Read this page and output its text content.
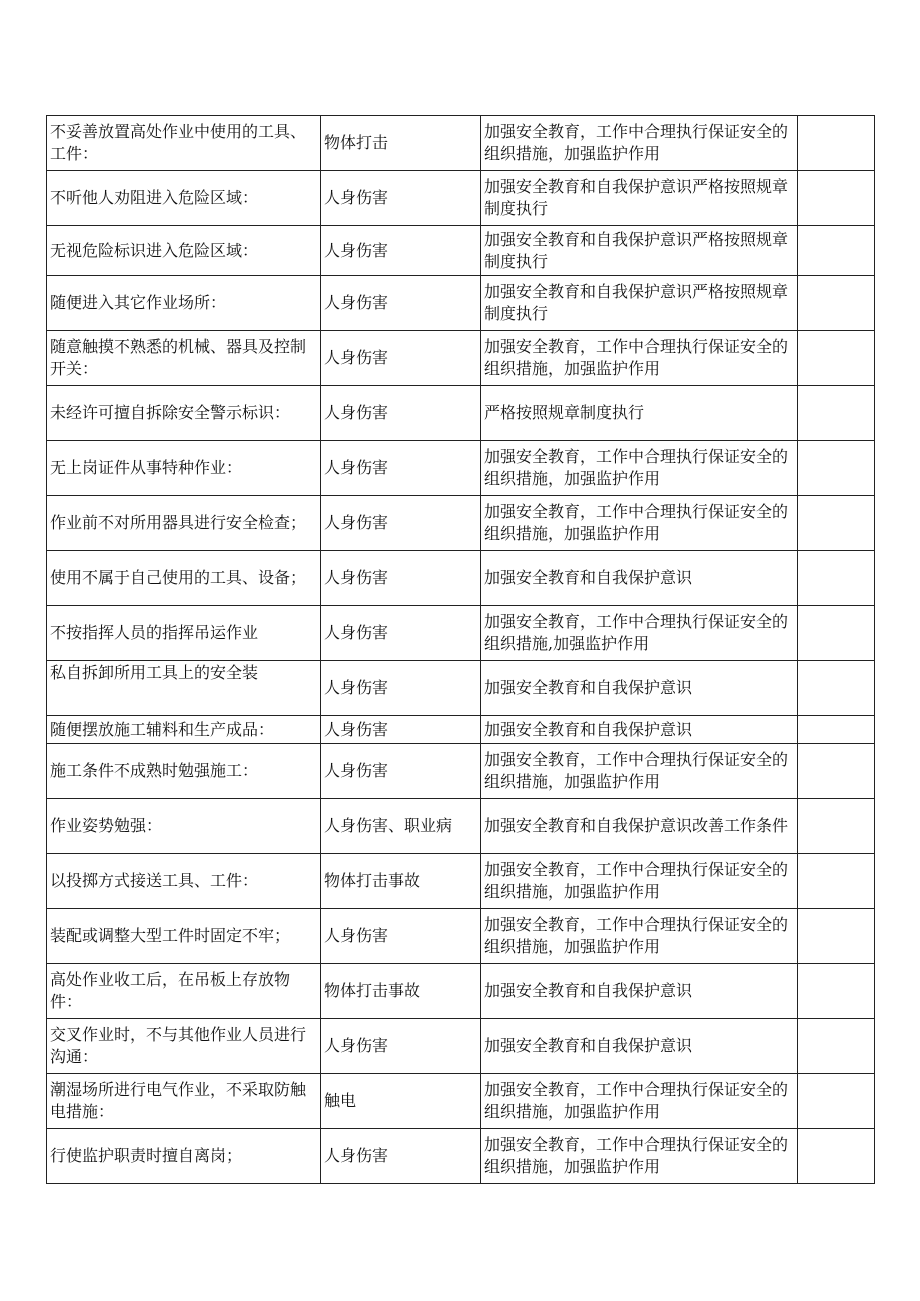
不妥善放置高处作业中使用的工具、工件：	物体打击	加强安全教育，工作中合理执行保证安全的组织措施，加强监护作用	
不听他人劝阻进入危险区域：	人身伤害	加强安全教育和自我保护意识严格按照规章制度执行	
无视危险标识进入危险区域：	人身伤害	加强安全教育和自我保护意识严格按照规章制度执行	
随便进入其它作业场所：	人身伤害	加强安全教育和自我保护意识严格按照规章制度执行	
随意触摸不熟悉的机械、器具及控制开关：	人身伤害	加强安全教育，工作中合理执行保证安全的组织措施，加强监护作用	
未经许可擅自拆除安全警示标识：	人身伤害	严格按照规章制度执行	
无上岗证件从事特种作业：	人身伤害	加强安全教育，工作中合理执行保证安全的组织措施，加强监护作用	
作业前不对所用器具进行安全检查；	人身伤害	加强安全教育，工作中合理执行保证安全的组织措施，加强监护作用	
使用不属于自己使用的工具、设备；	人身伤害	加强安全教育和自我保护意识	
不按指挥人员的指挥吊运作业	人身伤害	加强安全教育，工作中合理执行保证安全的组织措施,加强监护作用	
私自拆卸所用工具上的安全装	人身伤害	加强安全教育和自我保护意识	
随便摆放施工辅料和生产成品：	人身伤害	加强安全教育和自我保护意识	
施工条件不成熟时勉强施工：	人身伤害	加强安全教育，工作中合理执行保证安全的组织措施，加强监护作用	
作业姿势勉强：	人身伤害、职业病	加强安全教育和自我保护意识改善工作条件	
以投掷方式接送工具、工件：	物体打击事故	加强安全教育，工作中合理执行保证安全的组织措施，加强监护作用	
装配或调整大型工件时固定不牢；	人身伤害	加强安全教育，工作中合理执行保证安全的组织措施，加强监护作用	
高处作业收工后，在吊板上存放物件：	物体打击事故	加强安全教育和自我保护意识	
交叉作业时，不与其他作业人员进行沟通：	人身伤害	加强安全教育和自我保护意识	
潮湿场所进行电气作业，不采取防触电措施：	触电	加强安全教育，工作中合理执行保证安全的组织措施，加强监护作用	
行使监护职责时擅自离岗；	人身伤害	加强安全教育，工作中合理执行保证安全的组织措施，加强监护作用	
